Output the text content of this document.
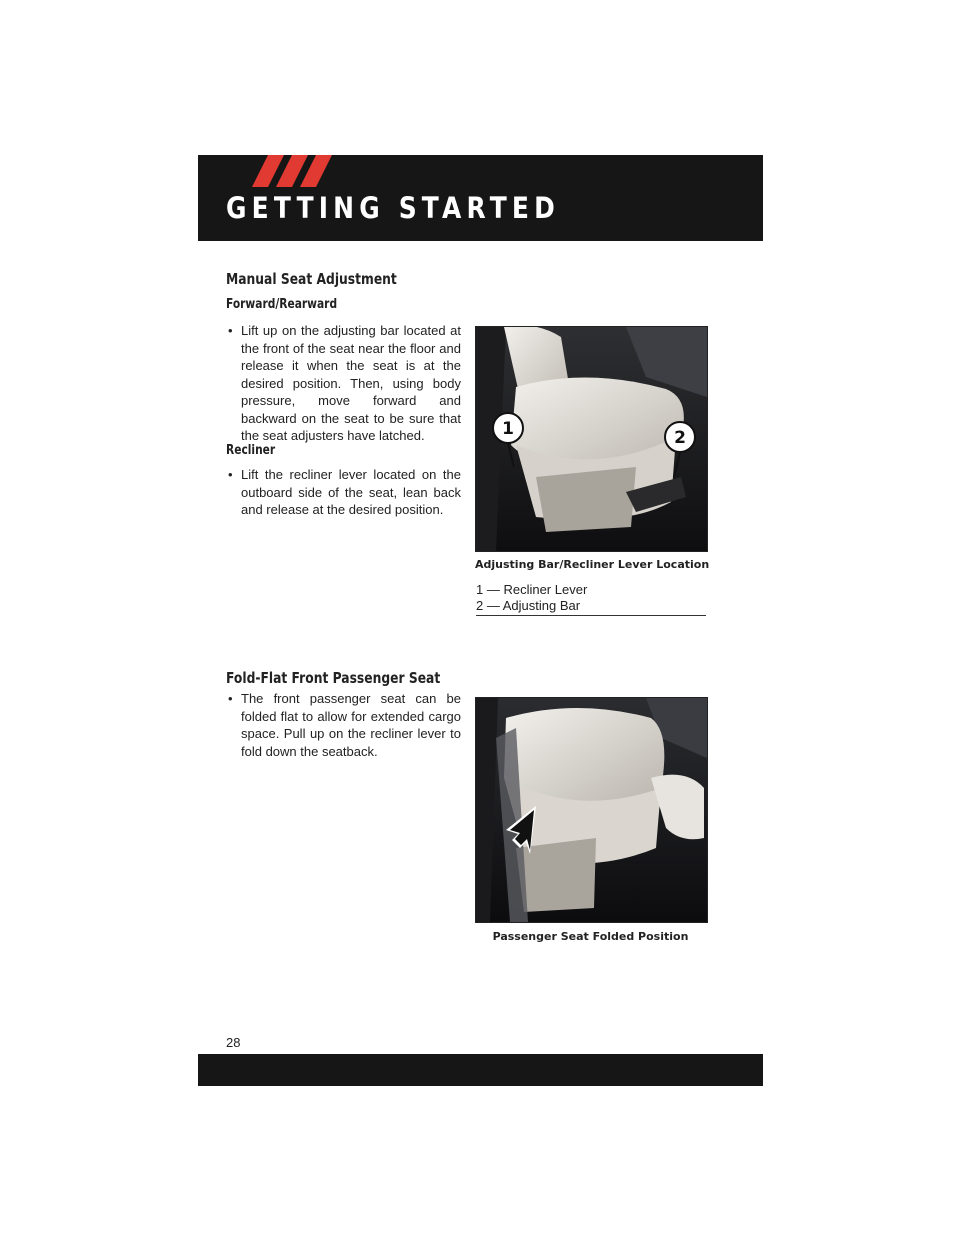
GETTING STARTED
Manual Seat Adjustment
Forward/Rearward
• Lift up on the adjusting bar located at the front of the seat near the floor and release it when the seat is at the desired position. Then, using body pressure, move forward and backward on the seat to be sure that the seat adjusters have latched.
Recliner
• Lift the recliner lever located on the outboard side of the seat, lean back and release at the desired position.
1	2
Adjusting Bar/Recliner Lever Location
1 — Recliner Lever
2 — Adjusting Bar
Fold-Flat Front Passenger Seat
• The front passenger seat can be folded flat to allow for extended cargo space. Pull up on the recliner lever to fold down the seatback.
Passenger Seat Folded Position
28
